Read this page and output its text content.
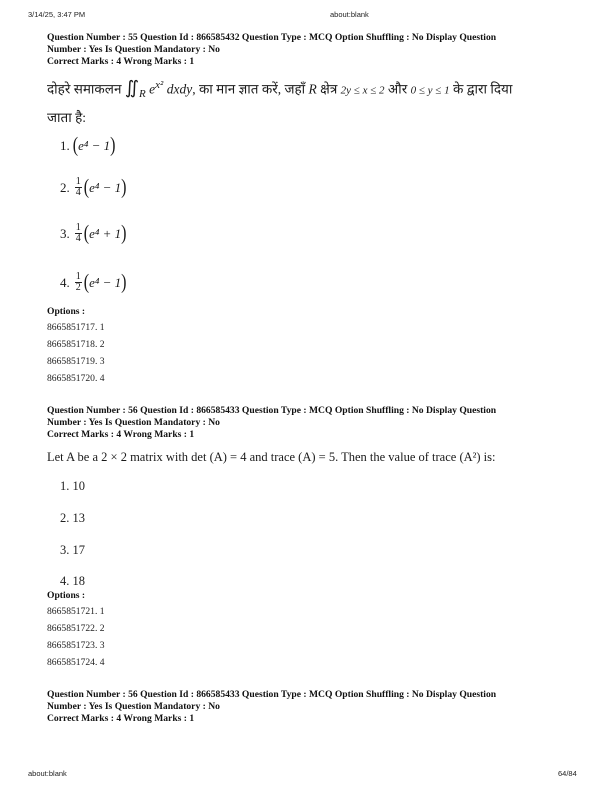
3/14/25, 3:47 PM	about:blank
Question Number : 55 Question Id : 866585432 Question Type : MCQ Option Shuffling : No Display Question
Number : Yes Is Question Mandatory : No
Correct Marks : 4 Wrong Marks : 1
दोहरे समाकलन $∬_R$ $e^{x^2}$ dxdy, का मान ज्ञात करें, जहाँ R क्षेत्र 2y ≤ x ≤ 2 और 0 ≤ y ≤ 1 के द्वारा दिया
जाता है:
1. ( e⁴ − 1 )
2. $\frac{1}{4}$ ( e⁴ − 1 )
3. $\frac{1}{4}$ ( e⁴ + 1 )
4. $\frac{1}{2}$ ( e⁴ − 1 )
Options :
8665851717. 1
8665851718. 2
8665851719. 3
8665851720. 4
Question Number : 56 Question Id : 866585433 Question Type : MCQ Option Shuffling : No Display Question
Number : Yes Is Question Mandatory : No
Correct Marks : 4 Wrong Marks : 1
Let A be a 2 × 2 matrix with det (A) = 4 and trace (A) = 5. Then the value of trace (A²) is:
1. 10
2. 13
3. 17
4. 18
Options :
8665851721. 1
8665851722. 2
8665851723. 3
8665851724. 4
Question Number : 56 Question Id : 866585433 Question Type : MCQ Option Shuffling : No Display Question
Number : Yes Is Question Mandatory : No
Correct Marks : 4 Wrong Marks : 1
about:blank	64/84
